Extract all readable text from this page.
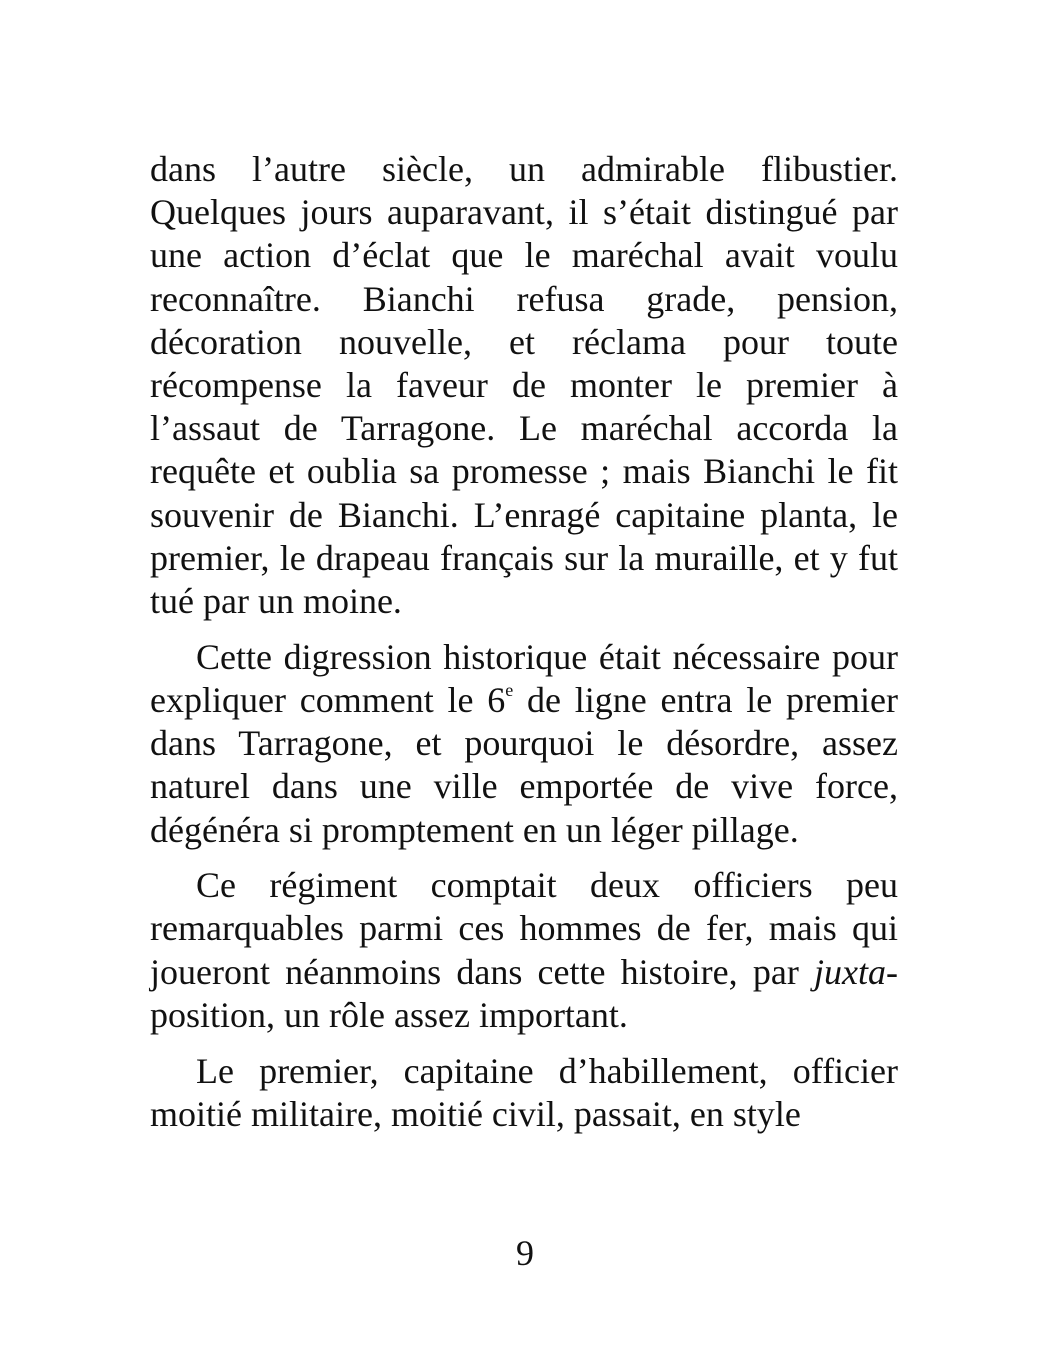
dans l’autre siècle, un admirable flibustier. Quelques jours auparavant, il s’était distingué par une action d’éclat que le maréchal avait voulu reconnaître. Bianchi refusa grade, pension, décoration nouvelle, et réclama pour toute récompense la faveur de monter le premier à l’assaut de Tarragone. Le maréchal accorda la requête et oublia sa promesse ; mais Bianchi le fit souvenir de Bianchi. L’enragé capitaine planta, le premier, le drapeau français sur la muraille, et y fut tué par un moine.

Cette digression historique était nécessaire pour expliquer comment le 6e de ligne entra le premier dans Tarragone, et pourquoi le désordre, assez naturel dans une ville emportée de vive force, dégénéra si promptement en un léger pillage.

Ce régiment comptait deux officiers peu remarquables parmi ces hommes de fer, mais qui joueront néanmoins dans cette histoire, par juxta-position, un rôle assez important.

Le premier, capitaine d’habillement, officier moitié militaire, moitié civil, passait, en style

9
